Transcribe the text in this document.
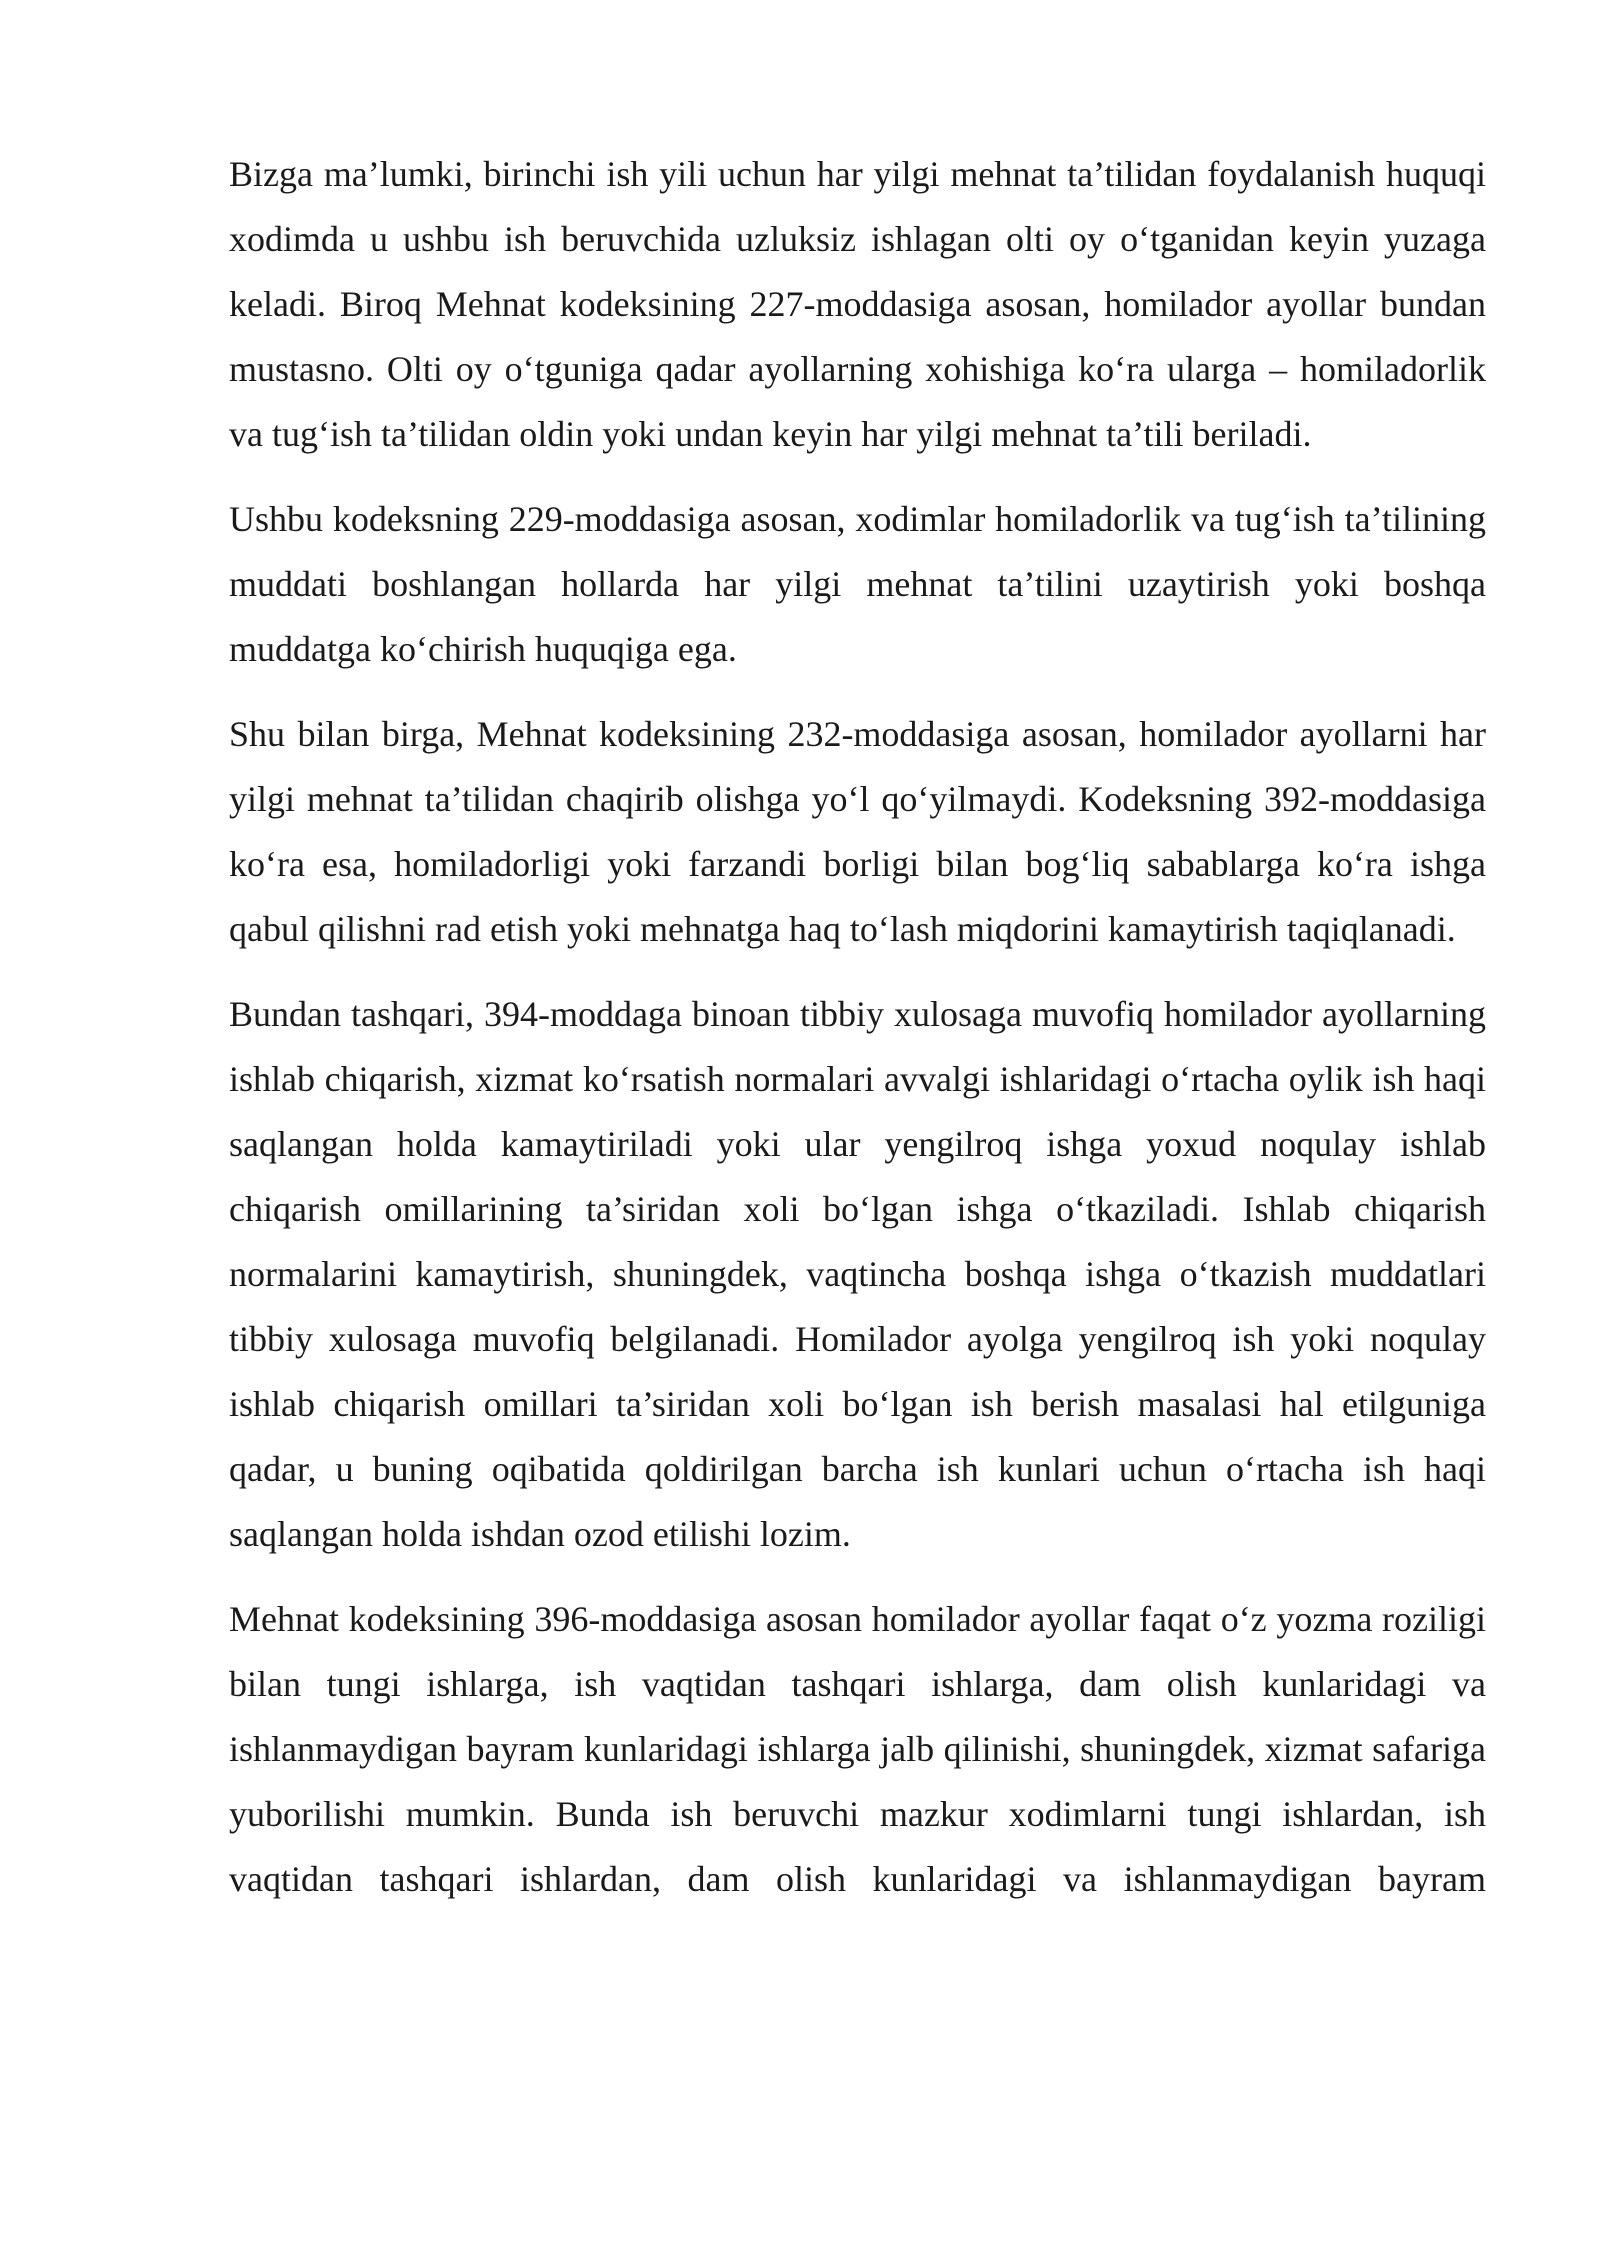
Bizga ma’lumki, birinchi ish yili uchun har yilgi mehnat ta’tilidan foydalanish huquqi xodimda u ushbu ish beruvchida uzluksiz ishlagan olti oy o‘tganidan keyin yuzaga keladi. Biroq Mehnat kodeksining 227-moddasiga asosan, homilador ayollar bundan mustasno. Olti oy o‘tguniga qadar ayollarning xohishiga ko‘ra ularga – homiladorlik va tug‘ish ta’tilidan oldin yoki undan keyin har yilgi mehnat ta’tili beriladi.

Ushbu kodeksning 229-moddasiga asosan, xodimlar homiladorlik va tug‘ish ta’tilining muddati boshlangan hollarda har yilgi mehnat ta’tilini uzaytirish yoki boshqa muddatga ko‘chirish huquqiga ega.

Shu bilan birga, Mehnat kodeksining 232-moddasiga asosan, homilador ayollarni har yilgi mehnat ta’tilidan chaqirib olishga yo‘l qo‘yilmaydi. Kodeksning 392-moddasiga ko‘ra esa, homiladorligi yoki farzandi borligi bilan bog‘liq sabablarga ko‘ra ishga qabul qilishni rad etish yoki mehnatga haq to‘lash miqdorini kamaytirish taqiqlanadi.

Bundan tashqari, 394-moddaga binoan tibbiy xulosaga muvofiq homilador ayollarning ishlab chiqarish, xizmat ko‘rsatish normalari avvalgi ishlaridagi o‘rtacha oylik ish haqi saqlangan holda kamaytiriladi yoki ular yengilroq ishga yoxud noqulay ishlab chiqarish omillarining ta’siridan xoli bo‘lgan ishga o‘tkaziladi. Ishlab chiqarish normalarini kamaytirish, shuningdek, vaqtincha boshqa ishga o‘tkazish muddatlari tibbiy xulosaga muvofiq belgilanadi. Homilador ayolga yengilroq ish yoki noqulay ishlab chiqarish omillari ta’siridan xoli bo‘lgan ish berish masalasi hal etilguniga qadar, u buning oqibatida qoldirilgan barcha ish kunlari uchun o‘rtacha ish haqi saqlangan holda ishdan ozod etilishi lozim.

Mehnat kodeksining 396-moddasiga asosan homilador ayollar faqat o‘z yozma roziligi bilan tungi ishlarga, ish vaqtidan tashqari ishlarga, dam olish kunlaridagi va ishlanmaydigan bayram kunlaridagi ishlarga jalb qilinishi, shuningdek, xizmat safariga yuborilishi mumkin. Bunda ish beruvchi mazkur xodimlarni tungi ishlardan, ish vaqtidan tashqari ishlardan, dam olish kunlaridagi va ishlanmaydigan bayram
